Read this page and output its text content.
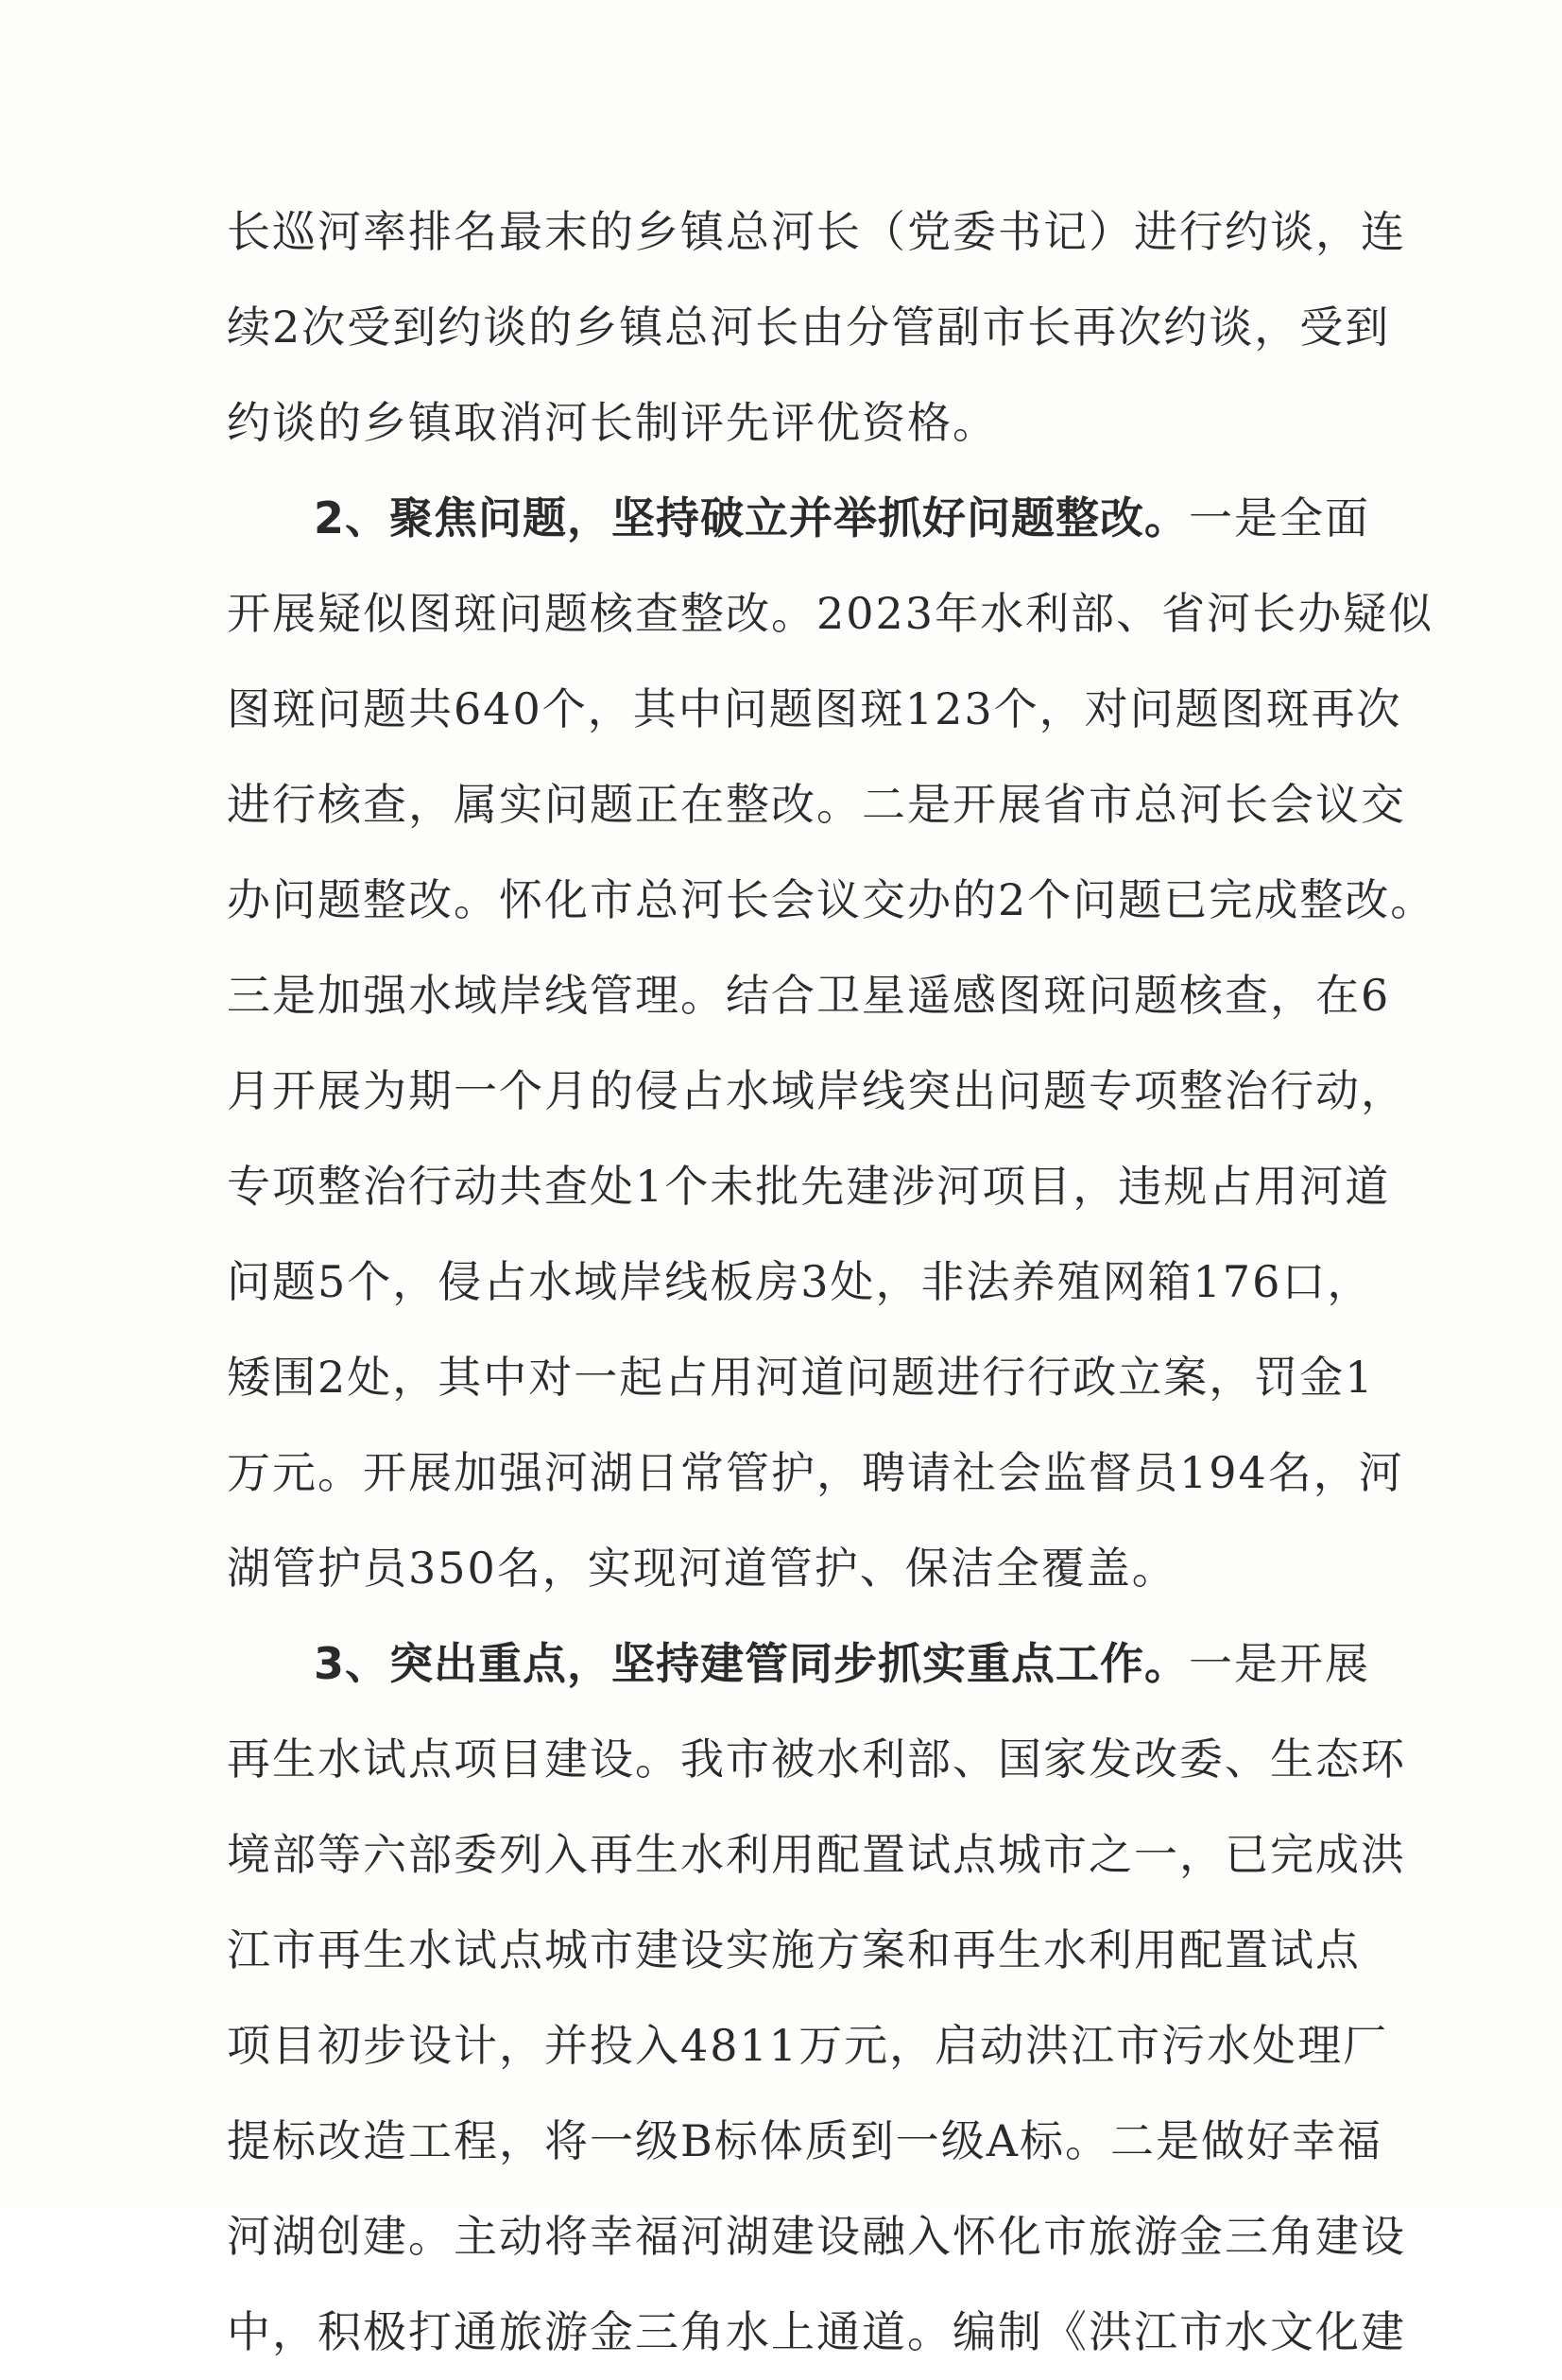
长巡河率排名最末的乡镇总河长（党委书记）进行约谈，连
续2次受到约谈的乡镇总河长由分管副市长再次约谈，受到
约谈的乡镇取消河长制评先评优资格。
2、聚焦问题，坚持破立并举抓好问题整改。一是全面
开展疑似图斑问题核查整改。2023年水利部、省河长办疑似
图斑问题共640个，其中问题图斑123个，对问题图斑再次
进行核查，属实问题正在整改。二是开展省市总河长会议交
办问题整改。怀化市总河长会议交办的2个问题已完成整改。
三是加强水域岸线管理。结合卫星遥感图斑问题核查，在6
月开展为期一个月的侵占水域岸线突出问题专项整治行动，
专项整治行动共查处1个未批先建涉河项目，违规占用河道
问题5个，侵占水域岸线板房3处，非法养殖网箱176口，
矮围2处，其中对一起占用河道问题进行行政立案，罚金1
万元。开展加强河湖日常管护，聘请社会监督员194名，河
湖管护员350名，实现河道管护、保洁全覆盖。
3、突出重点，坚持建管同步抓实重点工作。一是开展
再生水试点项目建设。我市被水利部、国家发改委、生态环
境部等六部委列入再生水利用配置试点城市之一，已完成洪
江市再生水试点城市建设实施方案和再生水利用配置试点
项目初步设计，并投入4811万元，启动洪江市污水处理厂
提标改造工程，将一级B标体质到一级A标。二是做好幸福
河湖创建。主动将幸福河湖建设融入怀化市旅游金三角建设
中，积极打通旅游金三角水上通道。编制《洪江市水文化建
